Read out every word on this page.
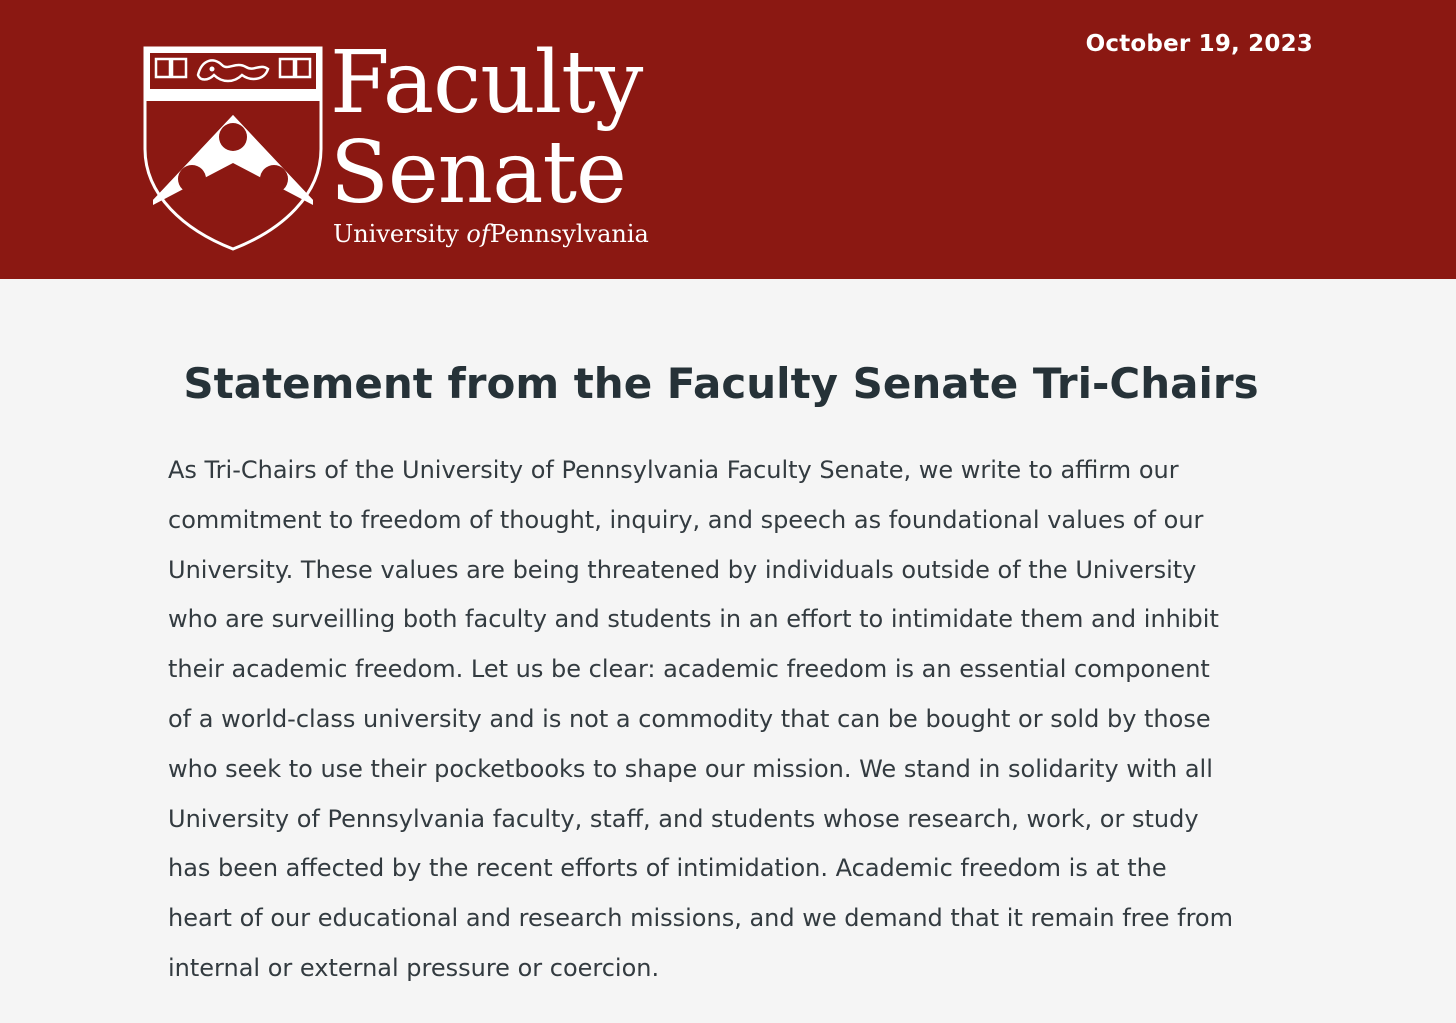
Faculty
Senate
University ofPennsylvania
October 19, 2023
Statement from the Faculty Senate Tri-Chairs

As Tri-Chairs of the University of Pennsylvania Faculty Senate, we write to affirm our
commitment to freedom of thought, inquiry, and speech as foundational values of our
University. These values are being threatened by individuals outside of the University
who are surveilling both faculty and students in an effort to intimidate them and inhibit
their academic freedom. Let us be clear: academic freedom is an essential component
of a world-class university and is not a commodity that can be bought or sold by those
who seek to use their pocketbooks to shape our mission. We stand in solidarity with all
University of Pennsylvania faculty, staff, and students whose research, work, or study
has been affected by the recent efforts of intimidation. Academic freedom is at the
heart of our educational and research missions, and we demand that it remain free from
internal or external pressure or coercion.
